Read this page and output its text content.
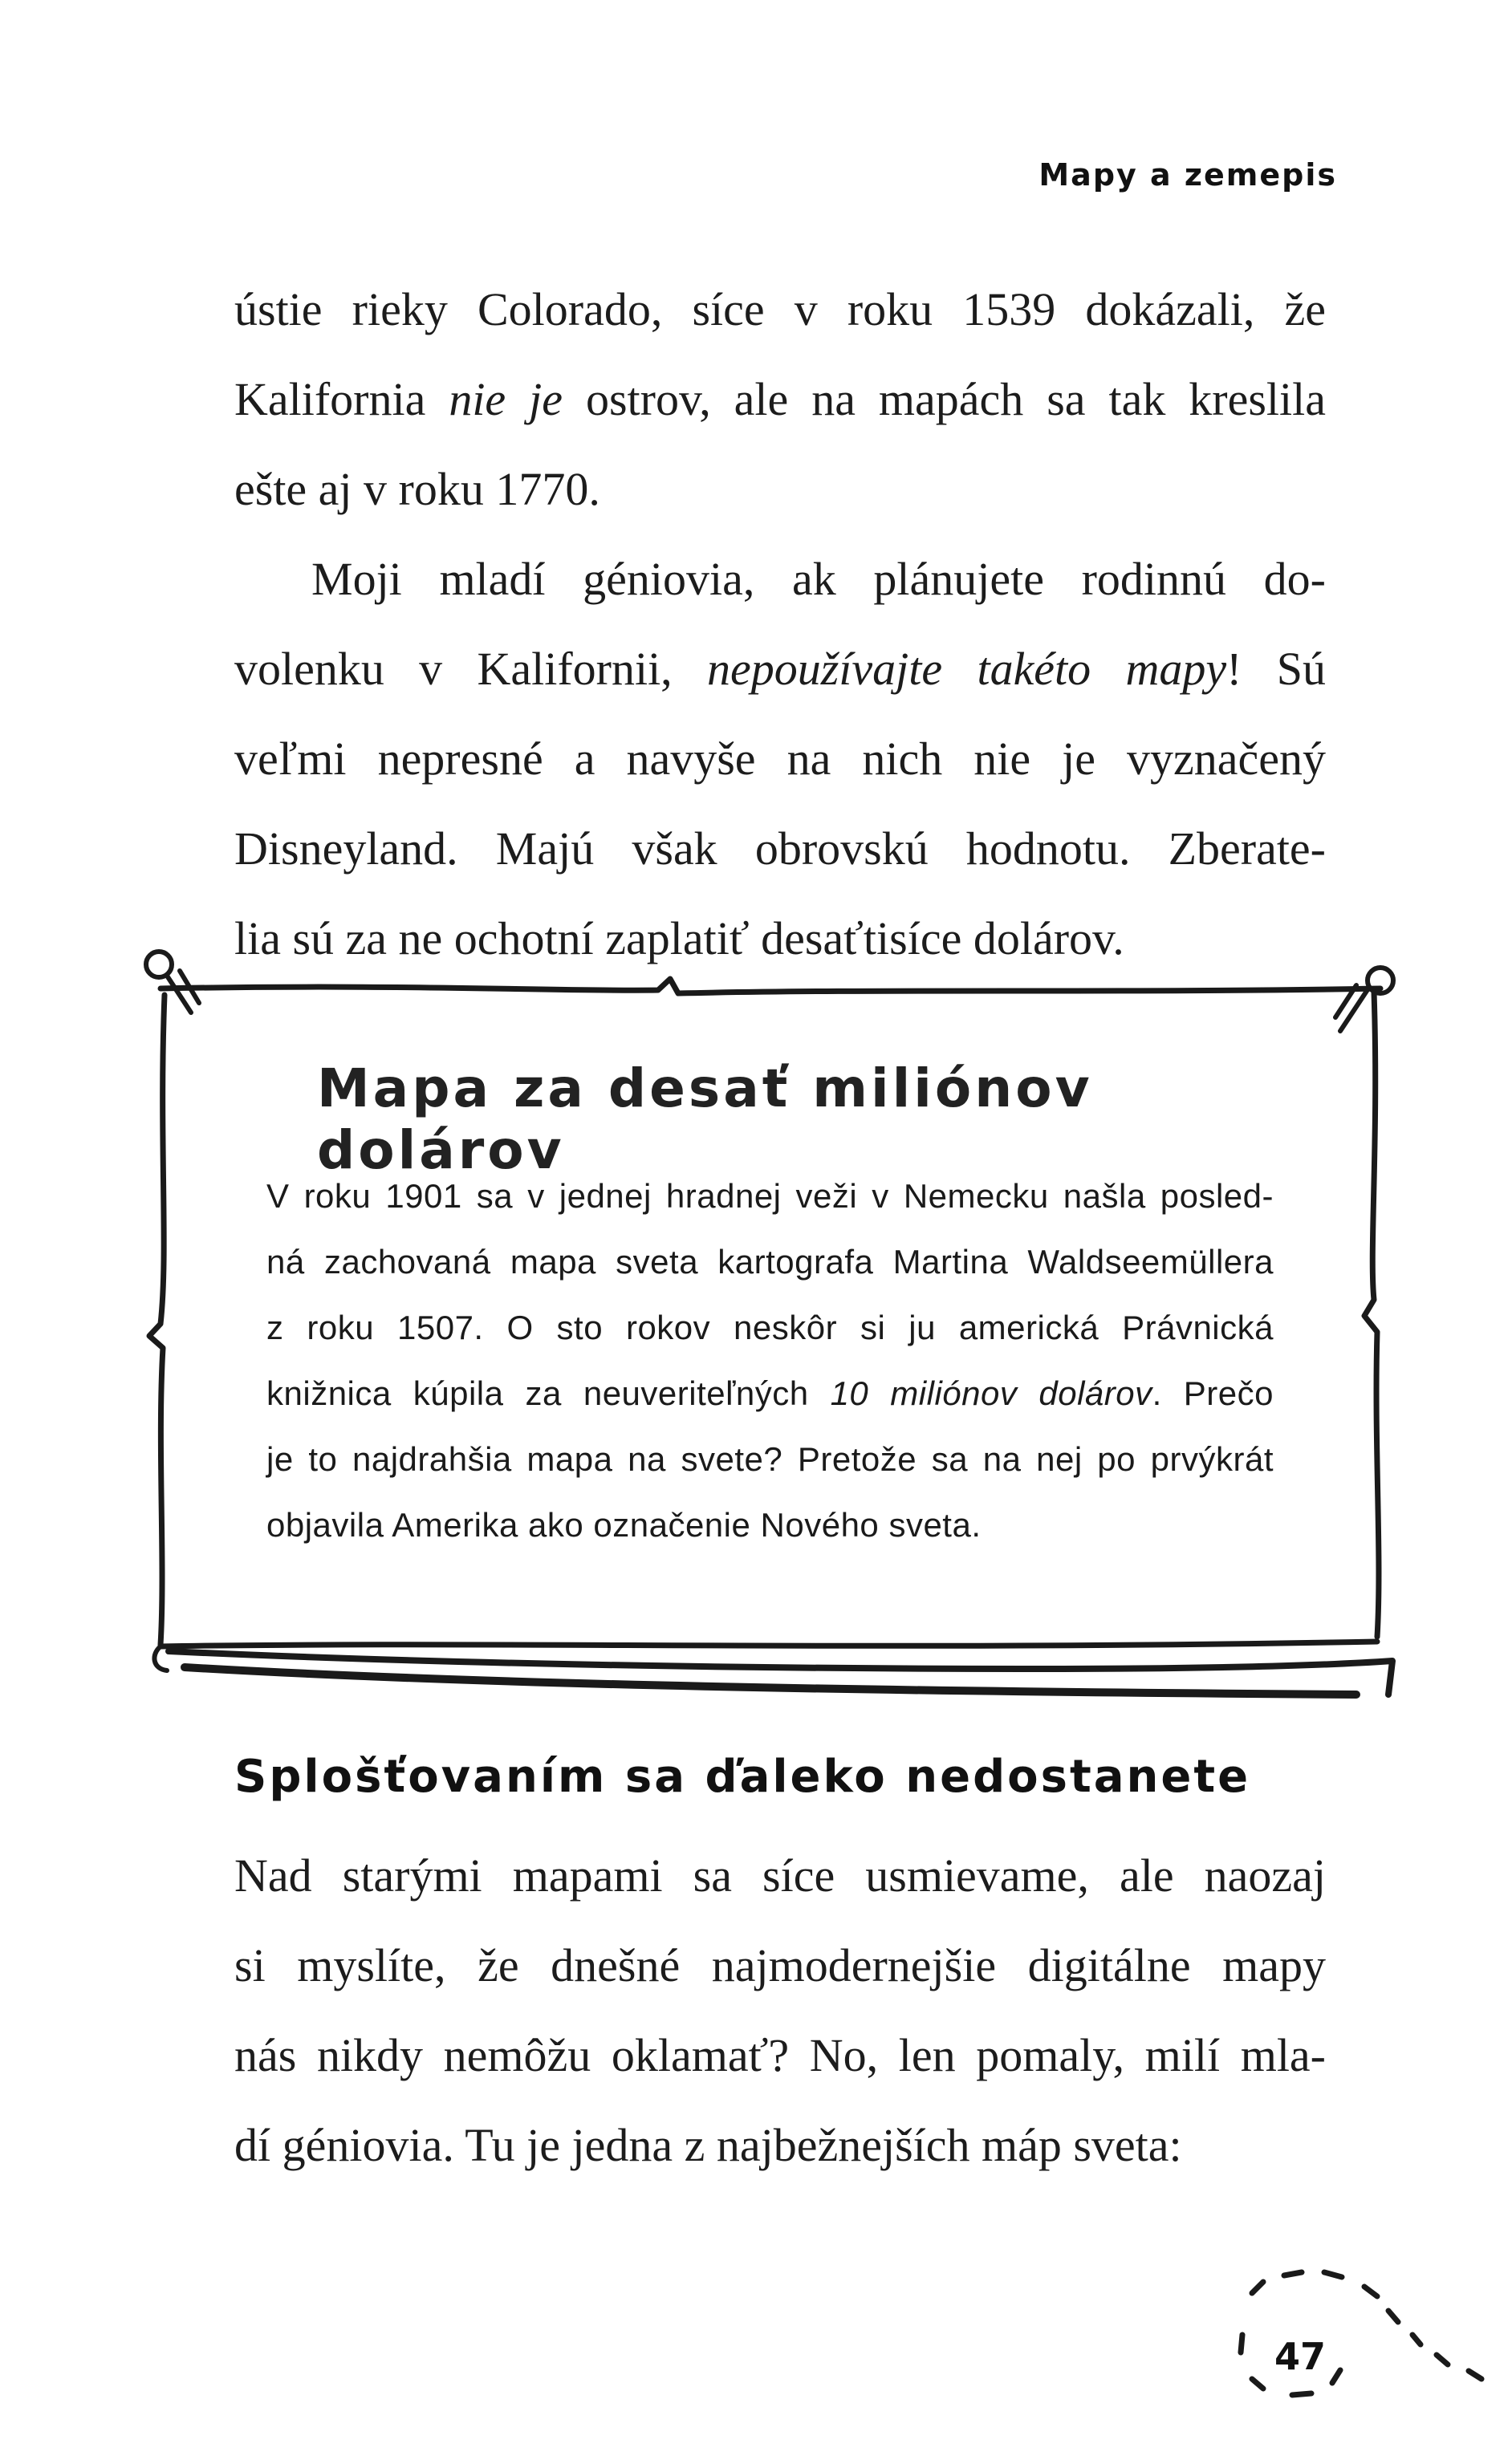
Mapy a zemepis

ústie rieky Colorado, síce v roku 1539 dokázali, že
Kalifornia nie je ostrov, ale na mapách sa tak kreslila
ešte aj v roku 1770.

Moji mladí géniovia, ak plánujete rodinnú do-
volenku v Kalifornii, nepoužívajte takéto mapy! Sú
veľmi nepresné a navyše na nich nie je vyznačený
Disneyland. Majú však obrovskú hodnotu. Zberate-
lia sú za ne ochotní zaplatiť desaťtisíce dolárov.

Mapa za desať miliónov dolárov
V roku 1901 sa v jednej hradnej veži v Nemecku našla posled-
ná zachovaná mapa sveta kartografa Martina Waldseemüllera
z roku 1507. O sto rokov neskôr si ju americká Právnická
knižnica kúpila za neuveriteľných 10 miliónov dolárov. Prečo
je to najdrahšia mapa na svete? Pretože sa na nej po prvýkrát
objavila Amerika ako označenie Nového sveta.
Splošťovaním sa ďaleko nedostanete

Nad starými mapami sa síce usmievame, ale naozaj
si myslíte, že dnešné najmodernejšie digitálne mapy
nás nikdy nemôžu oklamať? No, len pomaly, milí mla-
dí géniovia. Tu je jedna z najbežnejších máp sveta:

47
